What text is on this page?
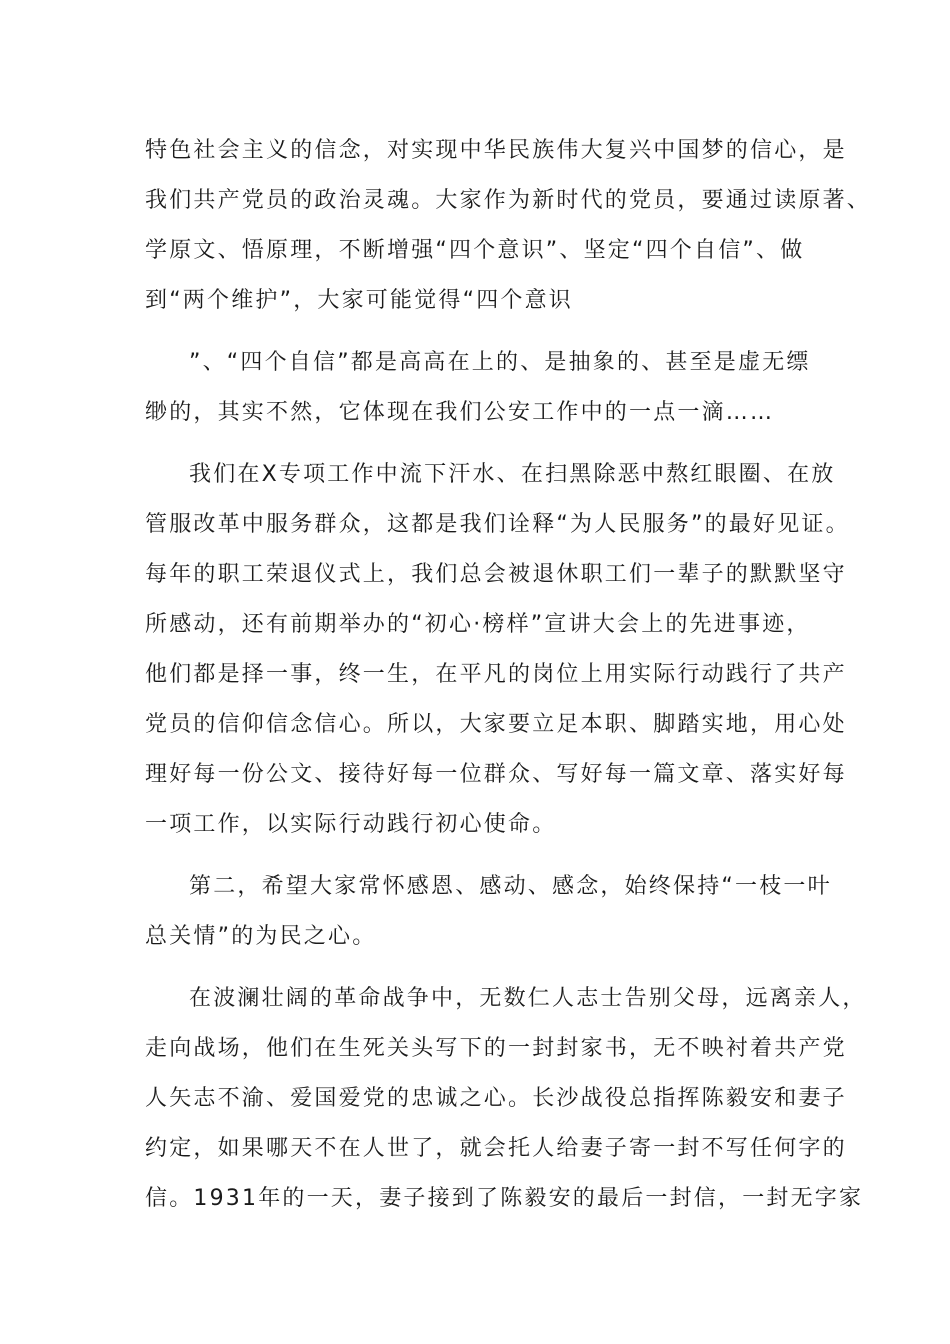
特色社会主义的信念，对实现中华民族伟大复兴中国梦的信心，是
我们共产党员的政治灵魂。大家作为新时代的党员，要通过读原著、
学原文、悟原理，不断增强“四个意识”、坚定“四个自信”、做
到“两个维护”，大家可能觉得“四个意识
”、“四个自信”都是高高在上的、是抽象的、甚至是虚无缥
缈的，其实不然，它体现在我们公安工作中的一点一滴……
我们在X专项工作中流下汗水、在扫黑除恶中熬红眼圈、在放
管服改革中服务群众，这都是我们诠释“为人民服务”的最好见证。
每年的职工荣退仪式上，我们总会被退休职工们一辈子的默默坚守
所感动，还有前期举办的“初心·榜样”宣讲大会上的先进事迹，
他们都是择一事，终一生，在平凡的岗位上用实际行动践行了共产
党员的信仰信念信心。所以，大家要立足本职、脚踏实地，用心处
理好每一份公文、接待好每一位群众、写好每一篇文章、落实好每
一项工作，以实际行动践行初心使命。
第二，希望大家常怀感恩、感动、感念，始终保持“一枝一叶
总关情”的为民之心。
在波澜壮阔的革命战争中，无数仁人志士告别父母，远离亲人，
走向战场，他们在生死关头写下的一封封家书，无不映衬着共产党
人矢志不渝、爱国爱党的忠诚之心。长沙战役总指挥陈毅安和妻子
约定，如果哪天不在人世了，就会托人给妻子寄一封不写任何字的
信。1931年的一天，妻子接到了陈毅安的最后一封信，一封无字家
